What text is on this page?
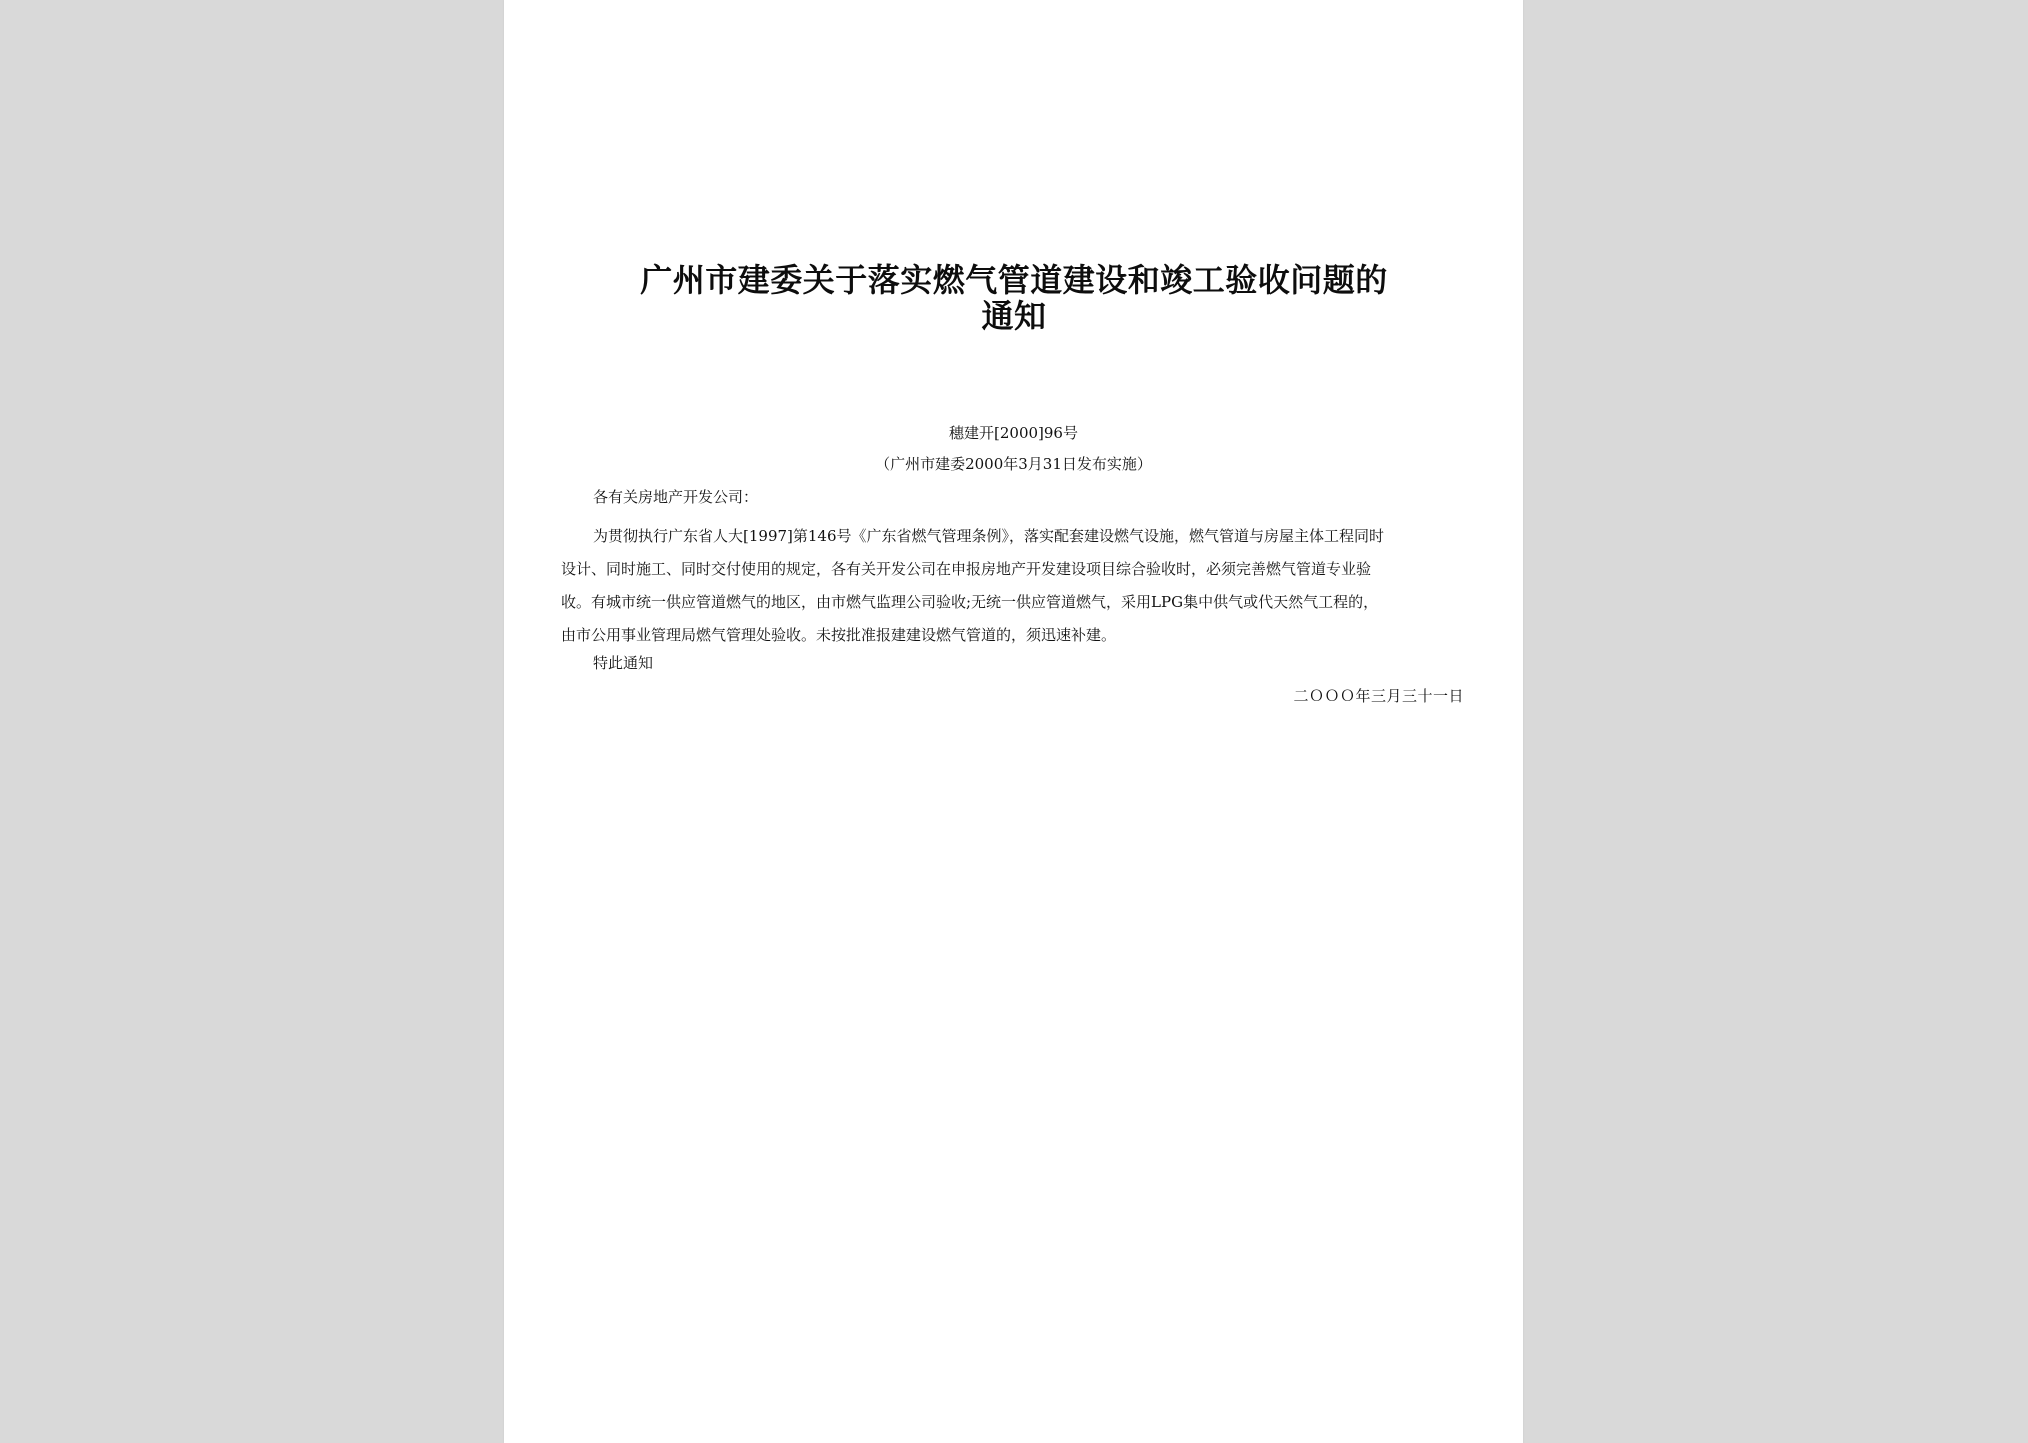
广州市建委关于落实燃气管道建设和竣工验收问题的
通知
穗建开[2000]96号
（广州市建委2000年3月31日发布实施）
各有关房地产开发公司：
为贯彻执行广东省人大[1997]第146号《广东省燃气管理条例》，落实配套建设燃气设施，燃气管道与房屋主体工程同时
设计、同时施工、同时交付使用的规定，各有关开发公司在申报房地产开发建设项目综合验收时，必须完善燃气管道专业验
收。有城市统一供应管道燃气的地区，由市燃气监理公司验收;无统一供应管道燃气，采用LPG集中供气或代天然气工程的，
由市公用事业管理局燃气管理处验收。未按批准报建建设燃气管道的，须迅速补建。
特此通知
二ＯＯＯ年三月三十一日
